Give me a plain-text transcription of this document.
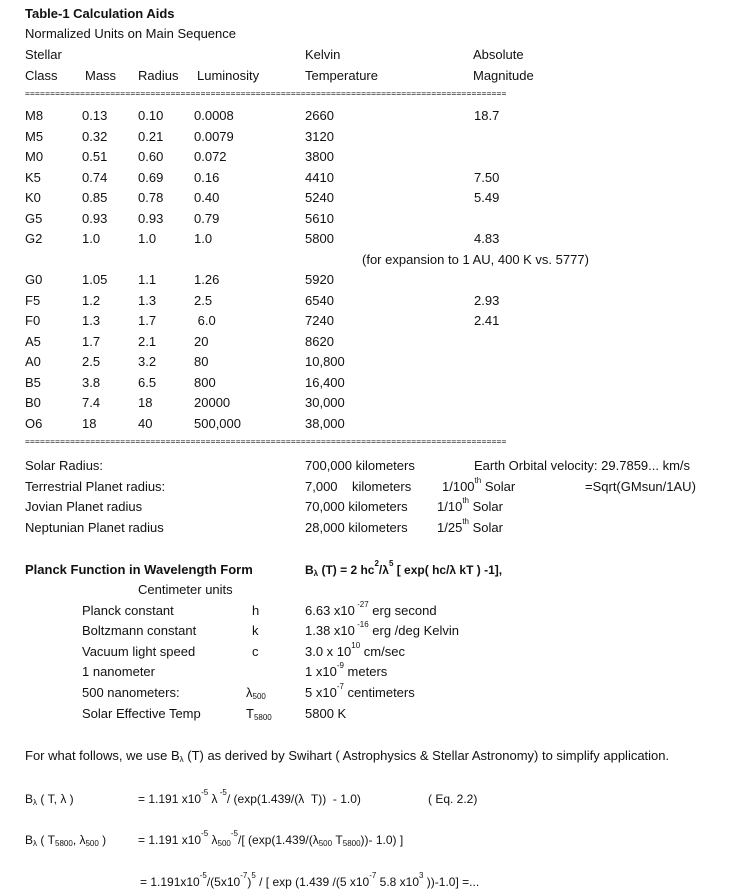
Table-1 Calculation Aids
Normalized Units on Main Sequence
Stellar	Kelvin	Absolute
Class Mass Radius Luminosity	Temperature	Magnitude
================================================================================================
M8	0.13 0.10 0.0008	2660	18.7
M5	0.32 0.21 0.0079	3120
M0	0.51 0.60 0.072	3800
K5	0.74 0.69 0.16	4410	7.50
K0	0.85 0.78 0.40	5240	5.49
G5	0.93 0.93 0.79	5610
G2	1.0	1.0	1.0	5800	4.83
G0	1.05 1.1	1.26	5920
F5	1.2	1.3	2.5	6540	2.93
F0	1.3	1.7	6.0	7240	2.41
A5	1.7	2.1	20	8620
A0	2.5	3.2	80	10,800
B5	3.8	6.5	800	16,400
B0	7.4	18	20000	30,000
O6	18	40	500,000	38,000
(for expansion to 1 AU, 400 K vs. 5777)
================================================================================================
Solar Radius:	700,000 kilometers	Earth Orbital velocity: 29.7859... km/s
Terrestrial Planet radius:	7,000    kilometers 1/100th Solar	=Sqrt(GMsun/1AU)
Jovian Planet radius	70,000 kilometers 1/10th Solar
Neptunian Planet radius	28,000 kilometers 1/25th Solar
Planck Function in Wavelength Form	$B_\lambda$ (T) = 2 $hc^2/\lambda^5$ [ exp( hc/λ kT ) -1],
Centimeter units
Planck constant	h	6.63 x10 $^{-27}$ erg second
Boltzmann constant	k	1.38 x10 $^{-16}$ erg /deg Kelvin
Vacuum light speed	c	3.0 x $10^{10}$ cm/sec
1 nanometer	1 $x10^{-9}$ meters
500 nanometers:	$\lambda_{500}$	5 $x10^{-7}$ centimeters
Solar Effective Temp	$T_{5800}$	5800 K
For what follows, we use $B_\lambda$ (T) as derived by Swihart ( Astrophysics & Stellar Astronomy) to simplify application.
$B_\lambda$ ( T, λ )	= 1.191 $x10^{-5}$ λ $^{-5}$/ (exp(1.439/(λ  T))  - 1.0)	( Eq. 2.2)
$B_\lambda$ ( $T_{5800}$, $\lambda_{500}$ )	= 1.191 $x10^{-5}$ $\lambda_{500}^{-5}/$[ ($\exp(1.439/(\lambda_{500}$ $T_{5800}))-$ 1.0) ]
= $1.191x10^{-5}/(5x10^{-7})^5$ / [ exp (1.439 /(5 $x10^{-7}$ 5.8 $x10^3$ ))-1.0] =...
